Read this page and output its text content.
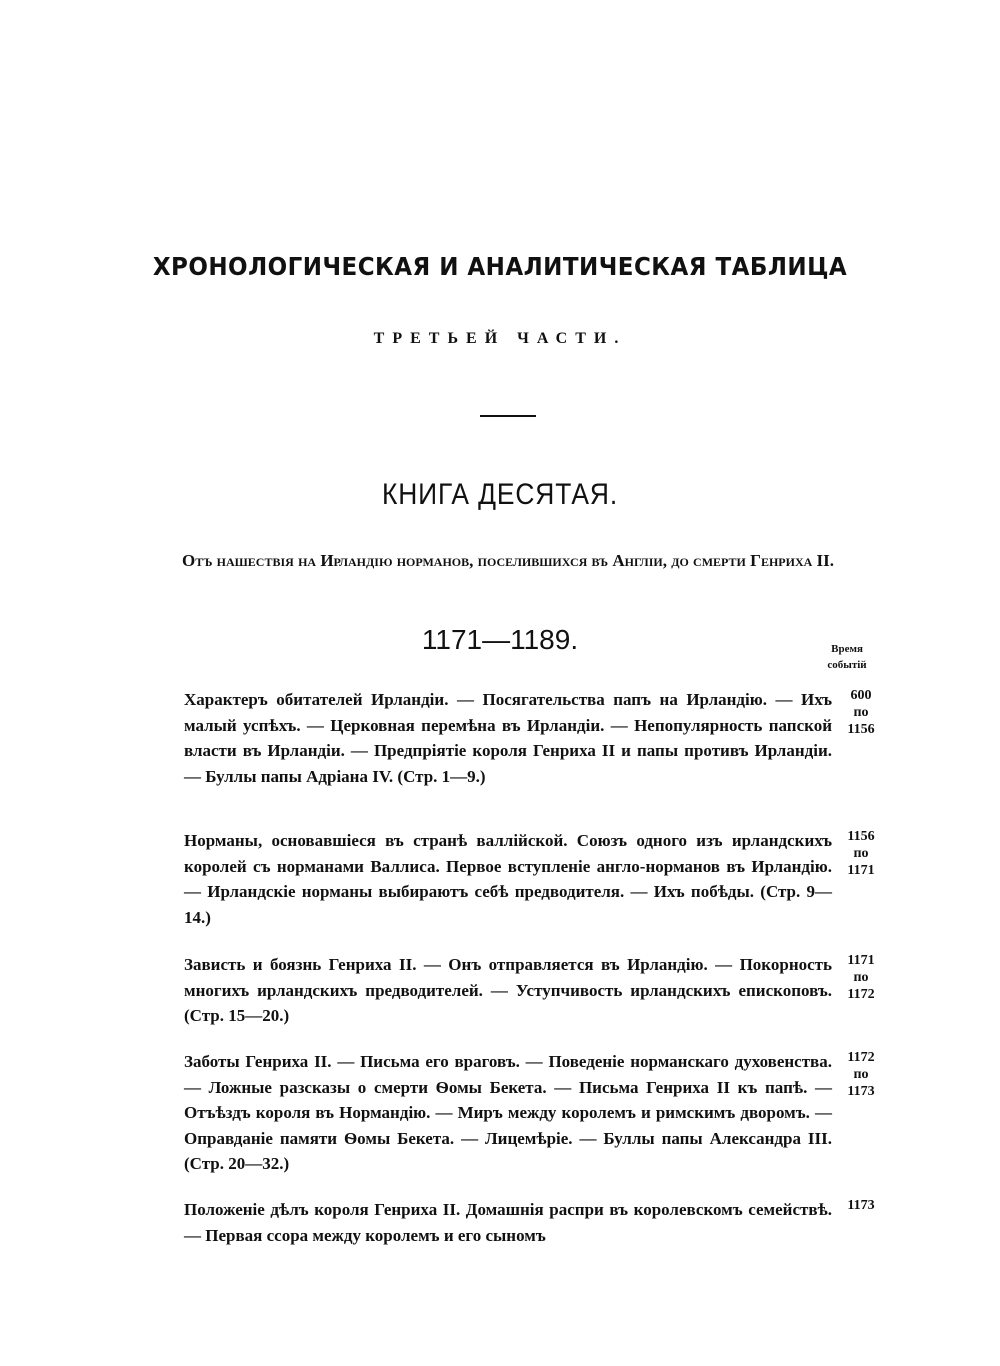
ХРОНОЛОГИЧЕСКАЯ И АНАЛИТИЧЕСКАЯ ТАБЛИЦА
ТРЕТЬЕЙ ЧАСТИ.
КНИГА ДЕСЯТАЯ.
Отъ нашествія на Ирландію норманов, поселившихся въ Англіи, до смерти Генриха II.
1171—1189.	Время событій
Характеръ обитателей Ирландіи. — Посягательства папъ на Ирландію. — Ихъ малый успѣхъ. — Церковная перемѣна въ Ирландіи. — Непопулярность папской власти въ Ирландіи. — Предпріятіе короля Генриха II и папы противъ Ирландіи. — Буллы папы Адріана IV. (Стр. 1—9.)
600
по
1156
Норманы, основавшіеся въ странѣ валлійской. Союзъ одного изъ ирландскихъ королей съ норманами Валлиса. Первое вступленіе англо-норманов въ Ирландію. — Ирландскіе норманы выбираютъ себѣ предводителя. — Ихъ побѣды. (Стр. 9—14.)
1156
по
1171
Зависть и боязнь Генриха II. — Онъ отправляется въ Ирландію. — Покорность многихъ ирландскихъ предводителей. — Уступчивость ирландскихъ епископовъ. (Стр. 15—20.)
1171
по
1172
Заботы Генриха II. — Письма его враговъ. — Поведеніе норманскаго духовенства. — Ложные разсказы о смерти Ѳомы Бекета. — Письма Генриха II къ папѣ. — Отъѣздъ короля въ Нормандію. — Миръ между королемъ и римскимъ дворомъ. — Оправданіе памяти Ѳомы Бекета. — Лицемѣріе. — Буллы папы Александра III. (Стр. 20—32.)
1172
по
1173
Положеніе дѣлъ короля Генриха II. Домашнія распри въ королевскомъ семействѣ. — Первая ссора между королемъ и его сыномъ
1173
